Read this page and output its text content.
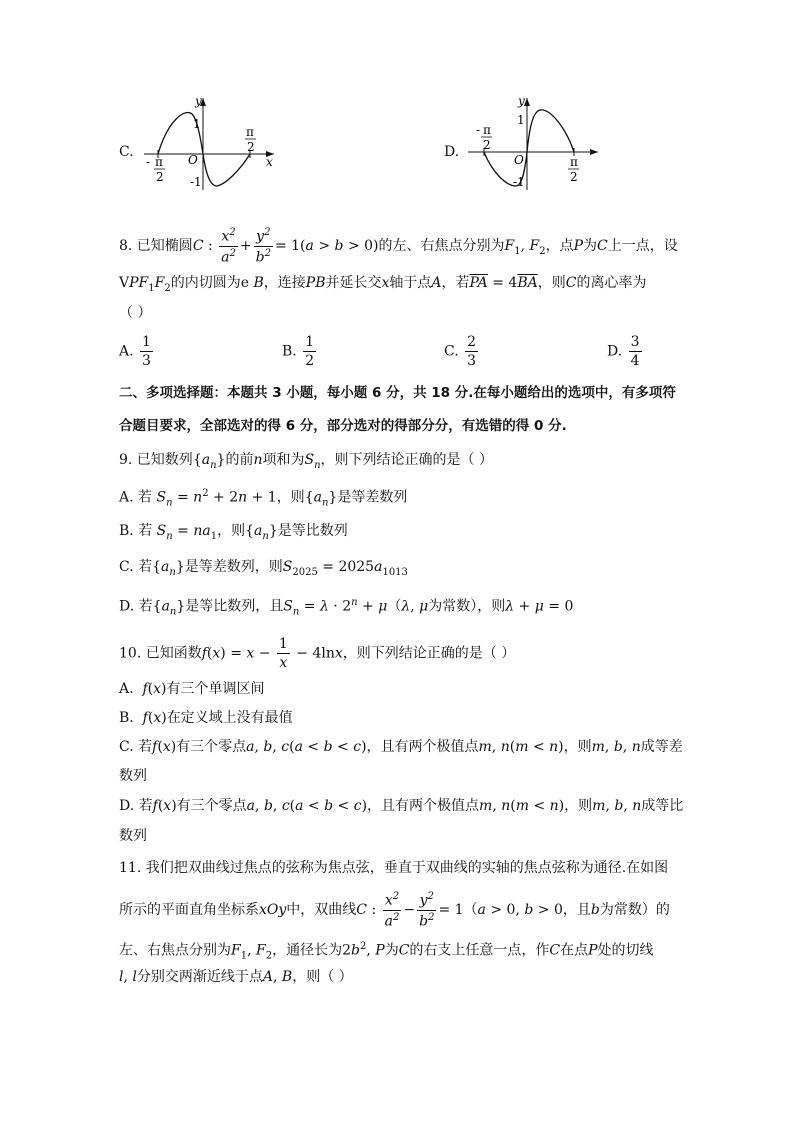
C.
y
x
O
1
-1
π
2
- π
2
D.
y
O
1
-1
- π
2
π
2
8. 已知椭圆C : $\frac{x^2}{a^2} + \frac{y^2}{b^2} = 1(a > b > 0)$的左、右焦点分别为$F_1$, $F_2$，点P为C上一点，设
$VPF_1F_2$的内切圆为e B，连接PB并延长交x轴于点A，若$\overline{PA} = 4\overline{BA}$，则C的离心率为
（ ）
A. $\frac{1}{3}$	B. $\frac{1}{2}$	C. $\frac{2}{3}$	D. $\frac{3}{4}$
二、多项选择题：本题共 3 小题，每小题 6 分，共 18 分.在每小题给出的选项中，有多项符
合题目要求，全部选对的得 6 分，部分选对的得部分分，有选错的得 0 分.
9. 已知数列$\{a_n\}$的前n项和为$S_n$，则下列结论正确的是（ ）
A. 若 $S_n = n^2 + 2n + 1$，则$\{a_n\}$是等差数列
B. 若 $S_n = na_1$，则$\{a_n\}$是等比数列
C. 若$\{a_n\}$是等差数列，则$S_{2025} = 2025a_{1013}$
D. 若$\{a_n\}$是等比数列，且$S_n = \lambda \cdot 2^n + \mu(\lambda$, μ为常数），则λ + μ = 0
10. 已知函数$f(x) = x - \frac{1}{x} - 4\ln x$，则下列结论正确的是（ ）
A. f(x)有三个单调区间
B. f(x)在定义域上没有最值
C. 若f(x)有三个零点a, b, c(a < b < c)，且有两个极值点m, n(m < n)，则m, b, n成等差
数列
D. 若f(x)有三个零点a, b, c(a < b < c)，且有两个极值点m, n(m < n)，则m, b, n成等比
数列
11. 我们把双曲线过焦点的弦称为焦点弦，垂直于双曲线的实轴的焦点弦称为通径.在如图
所示的平面直角坐标系xOy中，双曲线C : $\frac{x^2}{a^2} - \frac{y^2}{b^2} = 1(a > 0$, b > 0，且b为常数）的
左、右焦点分别为$F_1$, $F_2$，通径长为$2b^2$, P为C的右支上任意一点，作C在点P处的切线
l, l分别交两渐近线于点A, B，则（ ）
